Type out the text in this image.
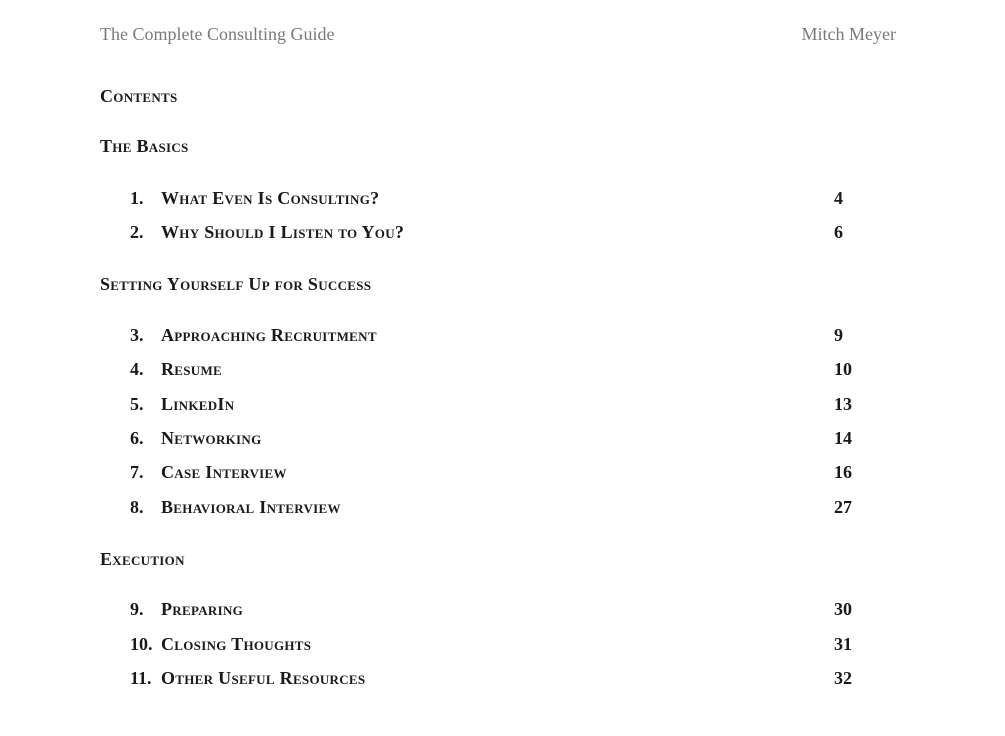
The Complete Consulting Guide	Mitch Meyer
Contents
The Basics
1. What Even Is Consulting?	4
2. Why Should I Listen to You?	6
Setting Yourself Up for Success
3. Approaching Recruitment	9
4. Resume	10
5. LinkedIn	13
6. Networking	14
7. Case Interview	16
8. Behavioral Interview	27
Execution
9. Preparing	30
10. Closing Thoughts	31
11. Other Useful Resources	32
